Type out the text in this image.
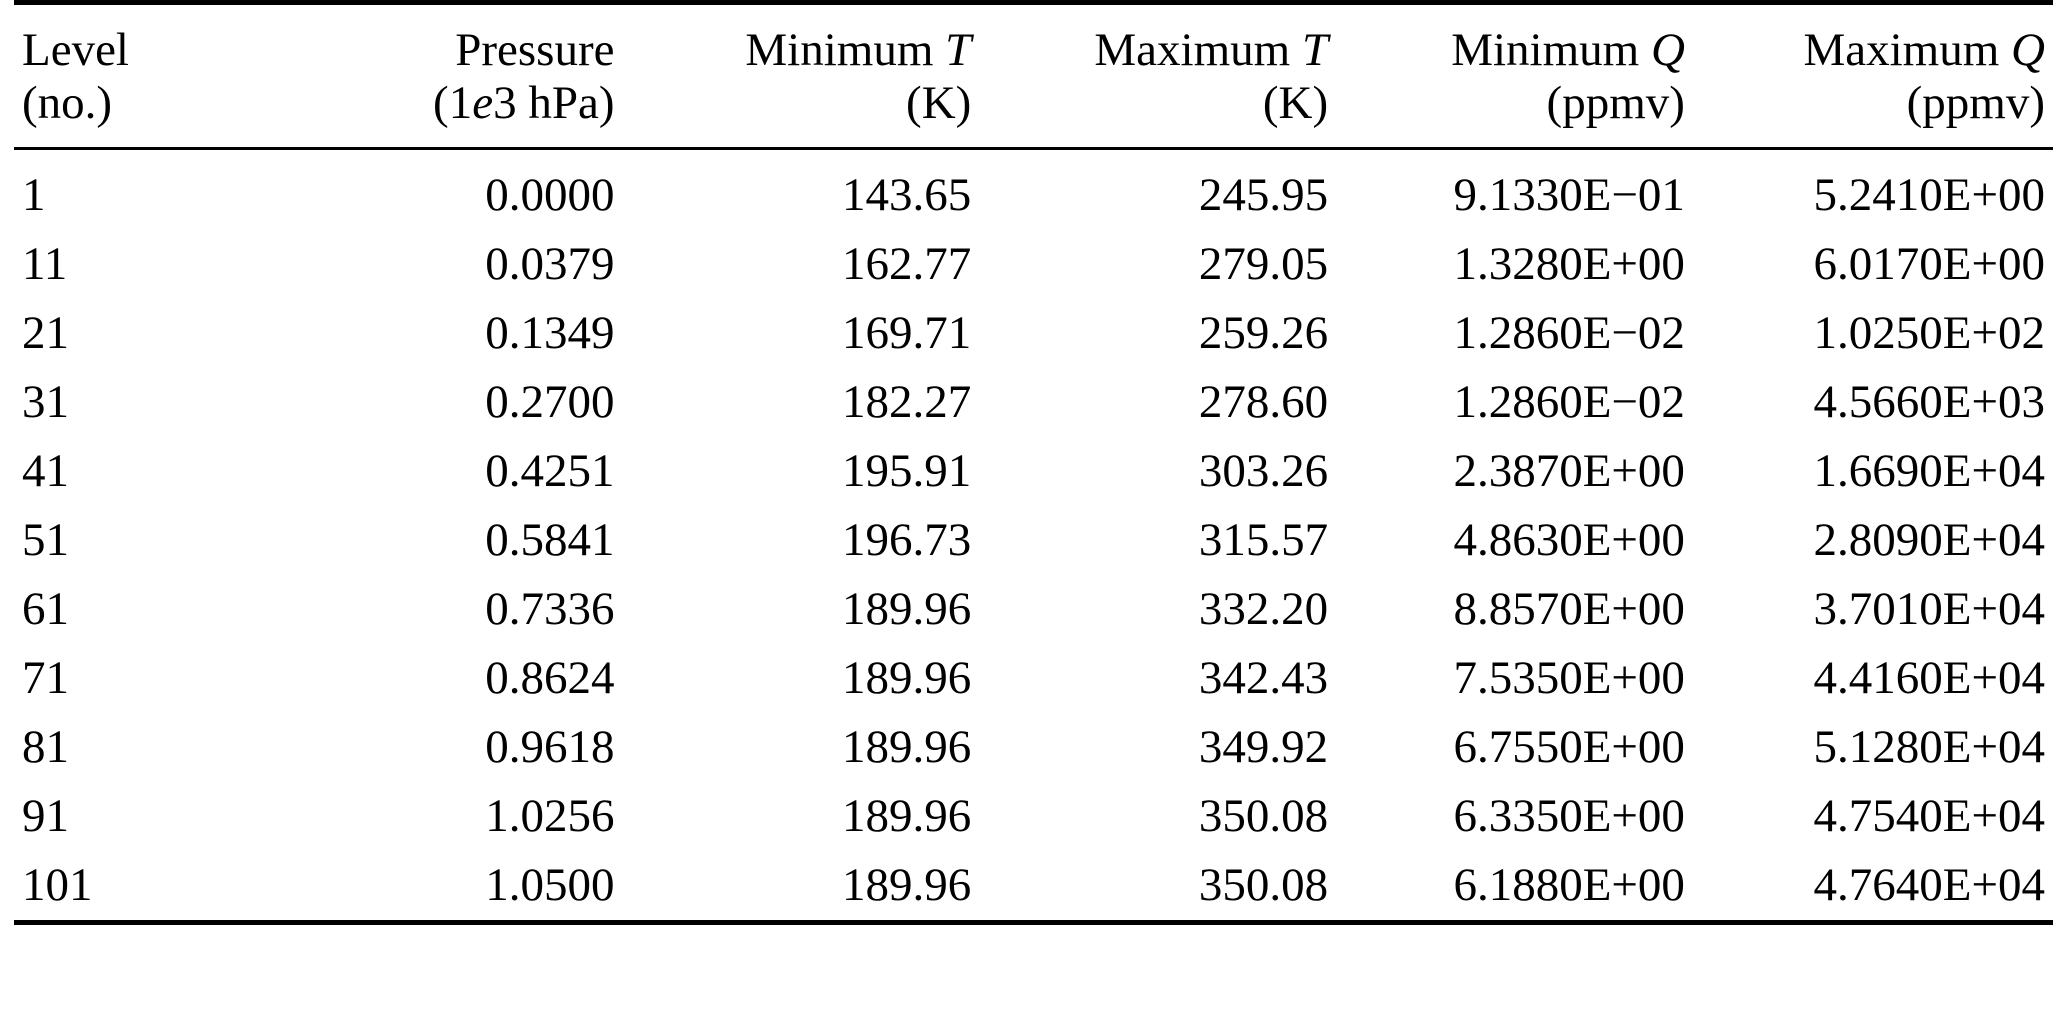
Level	Pressure	Minimum T	Maximum T	Minimum Q	Maximum Q
(no.)	(1e3 hPa)	(K)	(K)	(ppmv)	(ppmv)
1	0.0000	143.65	245.95	9.1330E−01	5.2410E+00
11	0.0379	162.77	279.05	1.3280E+00	6.0170E+00
21	0.1349	169.71	259.26	1.2860E−02	1.0250E+02
31	0.2700	182.27	278.60	1.2860E−02	4.5660E+03
41	0.4251	195.91	303.26	2.3870E+00	1.6690E+04
51	0.5841	196.73	315.57	4.8630E+00	2.8090E+04
61	0.7336	189.96	332.20	8.8570E+00	3.7010E+04
71	0.8624	189.96	342.43	7.5350E+00	4.4160E+04
81	0.9618	189.96	349.92	6.7550E+00	5.1280E+04
91	1.0256	189.96	350.08	6.3350E+00	4.7540E+04
101	1.0500	189.96	350.08	6.1880E+00	4.7640E+04
